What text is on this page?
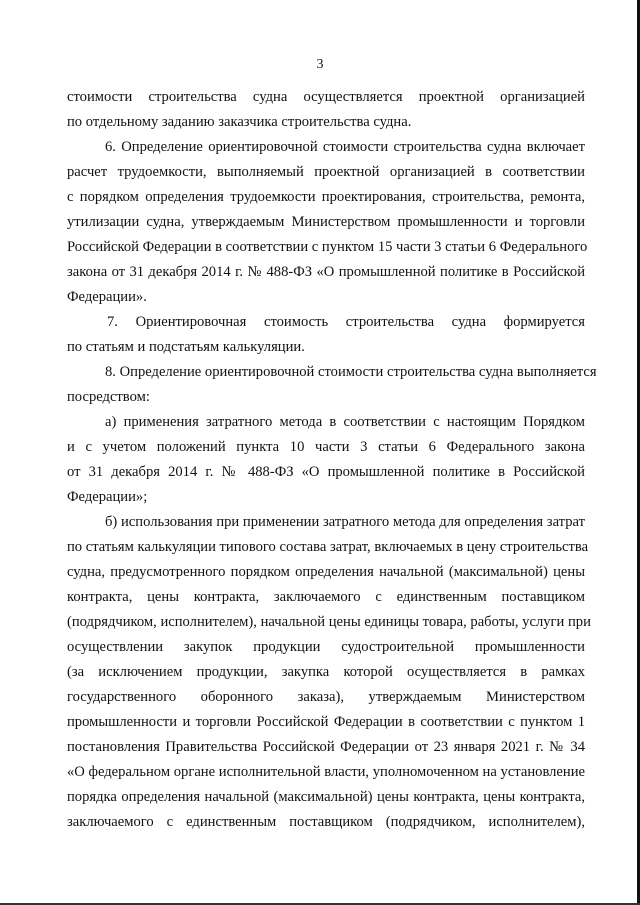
3
стоимости строительства судна осуществляется проектной организацией
по отдельному заданию заказчика строительства судна.
6. Определение ориентировочной стоимости строительства судна включает
расчет трудоемкости, выполняемый проектной организацией в соответствии
с порядком определения трудоемкости проектирования, строительства, ремонта,
утилизации судна, утверждаемым Министерством промышленности и торговли
Российской Федерации в соответствии с пунктом 15 части 3 статьи 6 Федерального
закона от 31 декабря 2014 г. № 488-ФЗ «О промышленной политике в Российской
Федерации».
7. Ориентировочная стоимость строительства судна формируется
по статьям и подстатьям калькуляции.
8. Определение ориентировочной стоимости строительства судна выполняется
посредством:
а) применения затратного метода в соответствии с настоящим Порядком
и с учетом положений пункта 10 части 3 статьи 6 Федерального закона
от 31 декабря 2014 г. № 488-ФЗ «О промышленной политике в Российской
Федерации»;
б) использования при применении затратного метода для определения затрат
по статьям калькуляции типового состава затрат, включаемых в цену строительства
судна, предусмотренного порядком определения начальной (максимальной) цены
контракта, цены контракта, заключаемого с единственным поставщиком
(подрядчиком, исполнителем), начальной цены единицы товара, работы, услуги при
осуществлении закупок продукции судостроительной промышленности
(за исключением продукции, закупка которой осуществляется в рамках
государственного оборонного заказа), утверждаемым Министерством
промышленности и торговли Российской Федерации в соответствии с пунктом 1
постановления Правительства Российской Федерации от 23 января 2021 г. № 34
«О федеральном органе исполнительной власти, уполномоченном на установление
порядка определения начальной (максимальной) цены контракта, цены контракта,
заключаемого с единственным поставщиком (подрядчиком, исполнителем),
